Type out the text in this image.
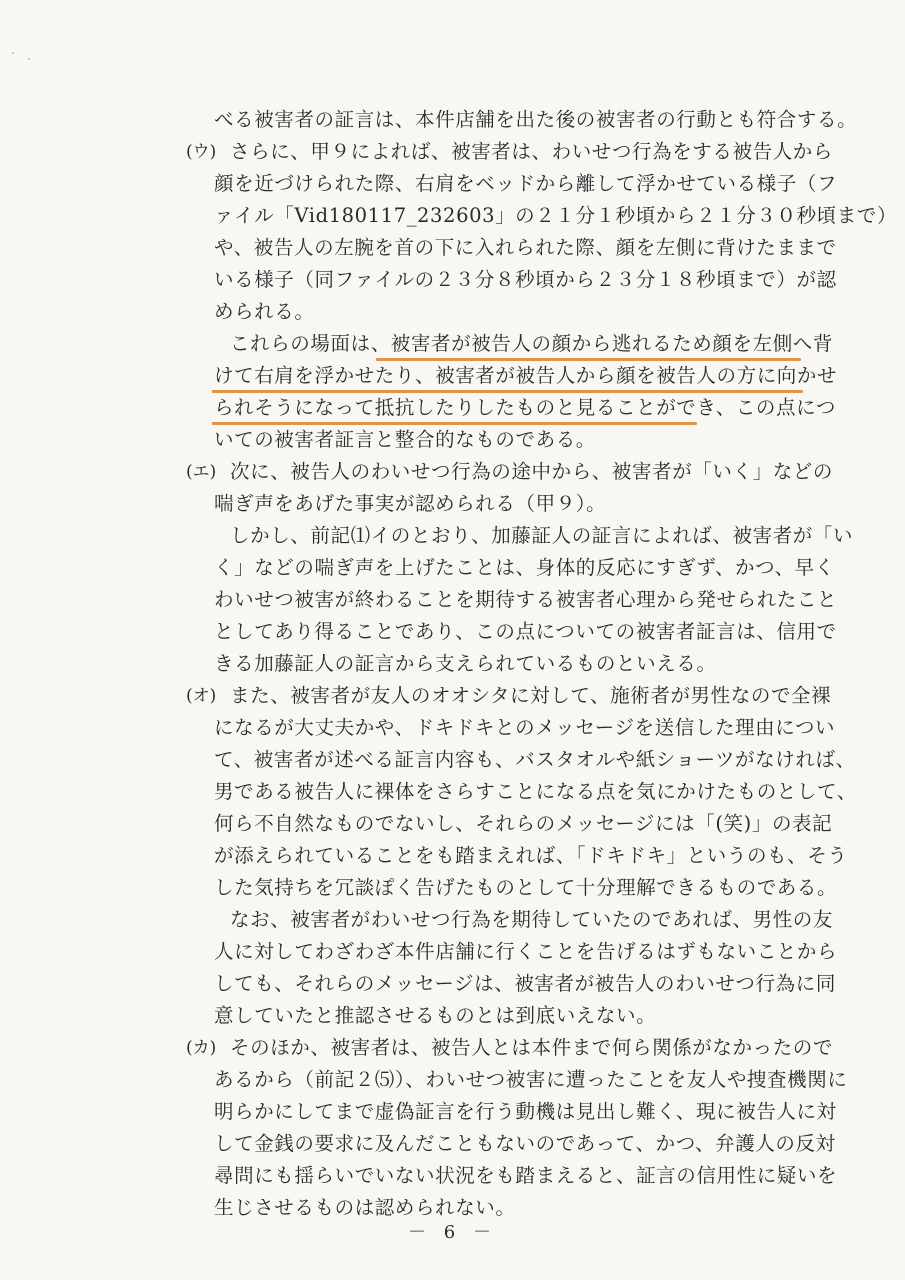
べる被害者の証言は、本件店舗を出た後の被害者の行動とも符合する。
(ウ) さらに、甲９によれば、被害者は、わいせつ行為をする被告人から
顔を近づけられた際、右肩をベッドから離して浮かせている様子（フ
ァイル「Vid180117_232603」の２１分１秒頃から２１分３０秒頃まで）
や、被告人の左腕を首の下に入れられた際、顔を左側に背けたままで
いる様子（同ファイルの２３分８秒頃から２３分１８秒頃まで）が認
められる。
これらの場面は、被害者が被告人の顔から逃れるため顔を左側へ背
けて右肩を浮かせたり、被害者が被告人から顔を被告人の方に向かせ
られそうになって抵抗したりしたものと見ることができ、この点につ
いての被害者証言と整合的なものである。
(エ) 次に、被告人のわいせつ行為の途中から、被害者が「いく」などの
喘ぎ声をあげた事実が認められる（甲９）。
しかし、前記⑴イのとおり、加藤証人の証言によれば、被害者が「い
く」などの喘ぎ声を上げたことは、身体的反応にすぎず、かつ、早く
わいせつ被害が終わることを期待する被害者心理から発せられたこと
としてあり得ることであり、この点についての被害者証言は、信用で
きる加藤証人の証言から支えられているものといえる。
(オ) また、被害者が友人のオオシタに対して、施術者が男性なので全裸
になるが大丈夫かや、ドキドキとのメッセージを送信した理由につい
て、被害者が述べる証言内容も、バスタオルや紙ショーツがなければ、
男である被告人に裸体をさらすことになる点を気にかけたものとして、
何ら不自然なものでないし、それらのメッセージには「(笑)」の表記
が添えられていることをも踏まえれば、「ドキドキ」というのも、そう
した気持ちを冗談ぽく告げたものとして十分理解できるものである。
なお、被害者がわいせつ行為を期待していたのであれば、男性の友
人に対してわざわざ本件店舗に行くことを告げるはずもないことから
しても、それらのメッセージは、被害者が被告人のわいせつ行為に同
意していたと推認させるものとは到底いえない。
(カ) そのほか、被害者は、被告人とは本件まで何ら関係がなかったので
あるから（前記２⑸）、わいせつ被害に遭ったことを友人や捜査機関に
明らかにしてまで虚偽証言を行う動機は見出し難く、現に被告人に対
して金銭の要求に及んだこともないのであって、かつ、弁護人の反対
尋問にも揺らいでいない状況をも踏まえると、証言の信用性に疑いを
生じさせるものは認められない。
－ 6 －
